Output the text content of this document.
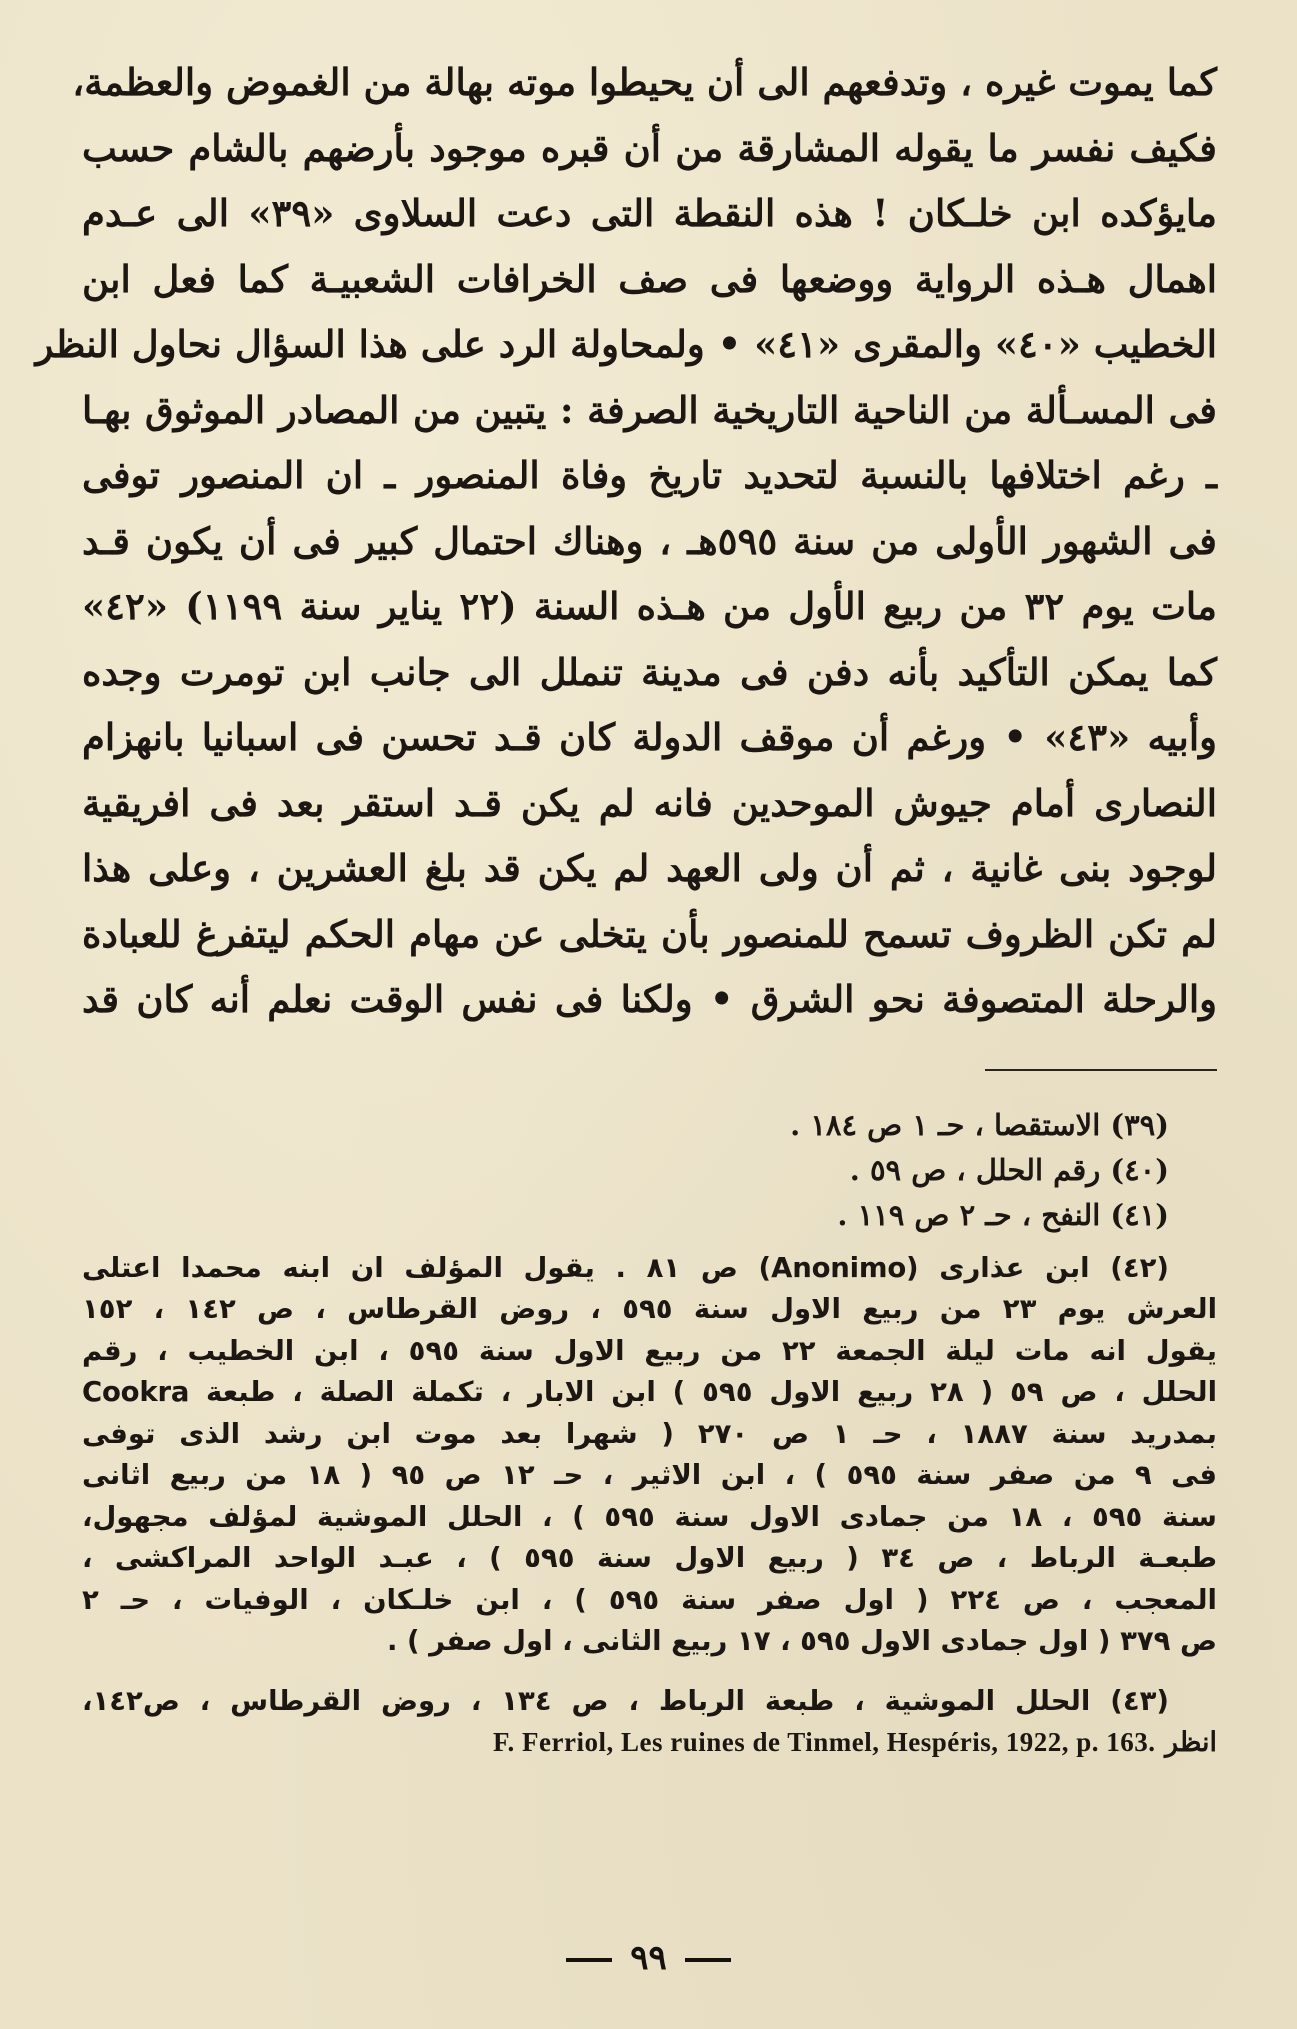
كما يموت غيره ، وتدفعهم الى أن يحيطوا موته بهالة من الغموض والعظمة،
فكيف نفسر ما يقوله المشارقة من أن قبره موجود بأرضهم بالشام حسب
مايؤكده ابن خلـكان ! هذه النقطة التى دعت السلاوى «٣٩» الى عـدم
اهمال هـذه الرواية ووضعها فى صف الخرافات الشعبيـة كما فعل ابن
الخطيب «٤٠» والمقرى «٤١» • ولمحاولة الرد على هذا السؤال نحاول النظر
فى المسـألة من الناحية التاريخية الصرفة : يتبين من المصادر الموثوق بهـا
ـ رغم اختلافها بالنسبة لتحديد تاريخ وفاة المنصور ـ ان المنصور توفى
فى الشهور الأولى من سنة ٥٩٥هـ ، وهناك احتمال كبير فى أن يكون قـد
مات يوم ٣٢ من ربيع الأول من هـذه السنة (٢٢ يناير سنة ١١٩٩) «٤٢»
كما يمكن التأكيد بأنه دفن فى مدينة تنملل الى جانب ابن تومرت وجده
وأبيه «٤٣» • ورغم أن موقف الدولة كان قـد تحسن فى اسبانيا بانهزام
النصارى أمام جيوش الموحدين فانه لم يكن قـد استقر بعد فى افريقية
لوجود بنى غانية ، ثم أن ولى العهد لم يكن قد بلغ العشرين ، وعلى هذا
لم تكن الظروف تسمح للمنصور بأن يتخلى عن مهام الحكم ليتفرغ للعبادة
والرحلة المتصوفة نحو الشرق • ولكنا فى نفس الوقت نعلم أنه كان قد
(٣٩) الاستقصا ، حـ ١ ص ١٨٤ .
(٤٠) رقم الحلل ، ص ٥٩ .
(٤١) النفح ، حـ ٢ ص ١١٩ .
(٤٢) ابن عذارى (Anonimo) ص ٨١ . يقول المؤلف ان ابنه محمدا اعتلى
العرش يوم ٢٣ من ربيع الاول سنة ٥٩٥ ، روض القرطاس ، ص ١٤٢ ، ١٥٢
يقول انه مات ليلة الجمعة ٢٢ من ربيع الاول سنة ٥٩٥ ، ابن الخطيب ، رقم
الحلل ، ص ٥٩ ( ٢٨ ربيع الاول ٥٩٥ ) ابن الابار ، تكملة الصلة ، طبعة Cookra
بمدريد سنة ١٨٨٧ ، حـ ١ ص ٢٧٠ ( شهرا بعد موت ابن رشد الذى توفى
فى ٩ من صفر سنة ٥٩٥ ) ، ابن الاثير ، حـ ١٢ ص ٩٥ ( ١٨ من ربيع اثانى
سنة ٥٩٥ ، ١٨ من جمادى الاول سنة ٥٩٥ ) ، الحلل الموشية لمؤلف مجهول،
طبعـة الرباط ، ص ٣٤ ( ربيع الاول سنة ٥٩٥ ) ، عبـد الواحد المراكشى ،
المعجب ، ص ٢٢٤ ( اول صفر سنة ٥٩٥ ) ، ابن خلـكان ، الوفيات ، حـ ٢
ص ٣٧٩ ( اول جمادى الاول ٥٩٥ ، ١٧ ربيع الثانى ، اول صفر ) .
(٤٣) الحلل الموشية ، طبعة الرباط ، ص ١٣٤ ، روض القرطاس ، ص١٤٢،
انظر F. Ferriol, Les ruines de Tinmel, Hespéris, 1922, p. 163.
٩٩
